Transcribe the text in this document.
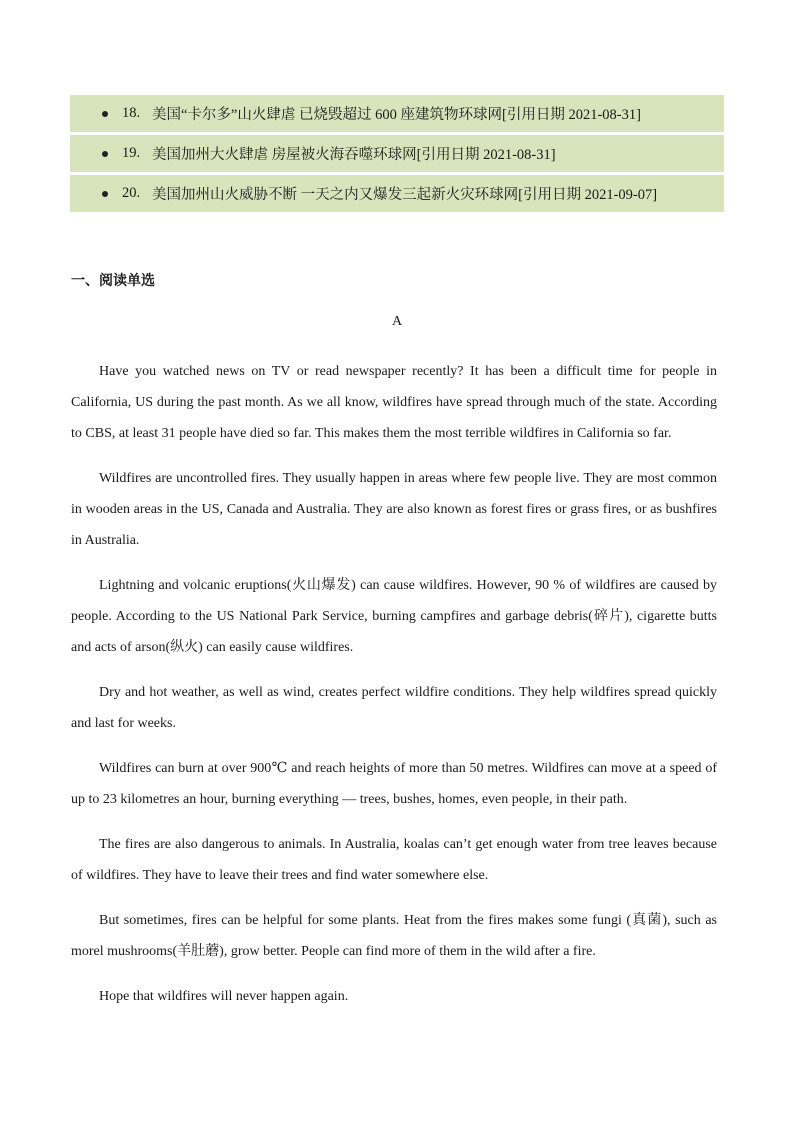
18. 美国“卡尔多”山火肆虐 已烧毁超过 600 座建筑物环球网[引用日期 2021-08-31]
19. 美国加州大火肆虐 房屋被火海吞噬环球网[引用日期 2021-08-31]
20. 美国加州山火威胁不断 一天之内又爆发三起新火灾环球网[引用日期 2021-09-07]
一、阅读单选
A

Have you watched news on TV or read newspaper recently? It has been a difficult time for people in California, US during the past month. As we all know, wildfires have spread through much of the state. According to CBS, at least 31 people have died so far. This makes them the most terrible wildfires in California so far.

Wildfires are uncontrolled fires. They usually happen in areas where few people live. They are most common in wooden areas in the US, Canada and Australia. They are also known as forest fires or grass fires, or as bushfires in Australia.

Lightning and volcanic eruptions(火山爆发) can cause wildfires. However, 90 % of wildfires are caused by people. According to the US National Park Service, burning campfires and garbage debris(碎片), cigarette butts and acts of arson(纵火) can easily cause wildfires.

Dry and hot weather, as well as wind, creates perfect wildfire conditions. They help wildfires spread quickly and last for weeks.

Wildfires can burn at over 900℃ and reach heights of more than 50 metres. Wildfires can move at a speed of up to 23 kilometres an hour, burning everything — trees, bushes, homes, even people, in their path.

The fires are also dangerous to animals. In Australia, koalas can’t get enough water from tree leaves because of wildfires. They have to leave their trees and find water somewhere else.

But sometimes, fires can be helpful for some plants. Heat from the fires makes some fungi (真菌), such as morel mushrooms(羊肚蘑), grow better. People can find more of them in the wild after a fire.

Hope that wildfires will never happen again.
